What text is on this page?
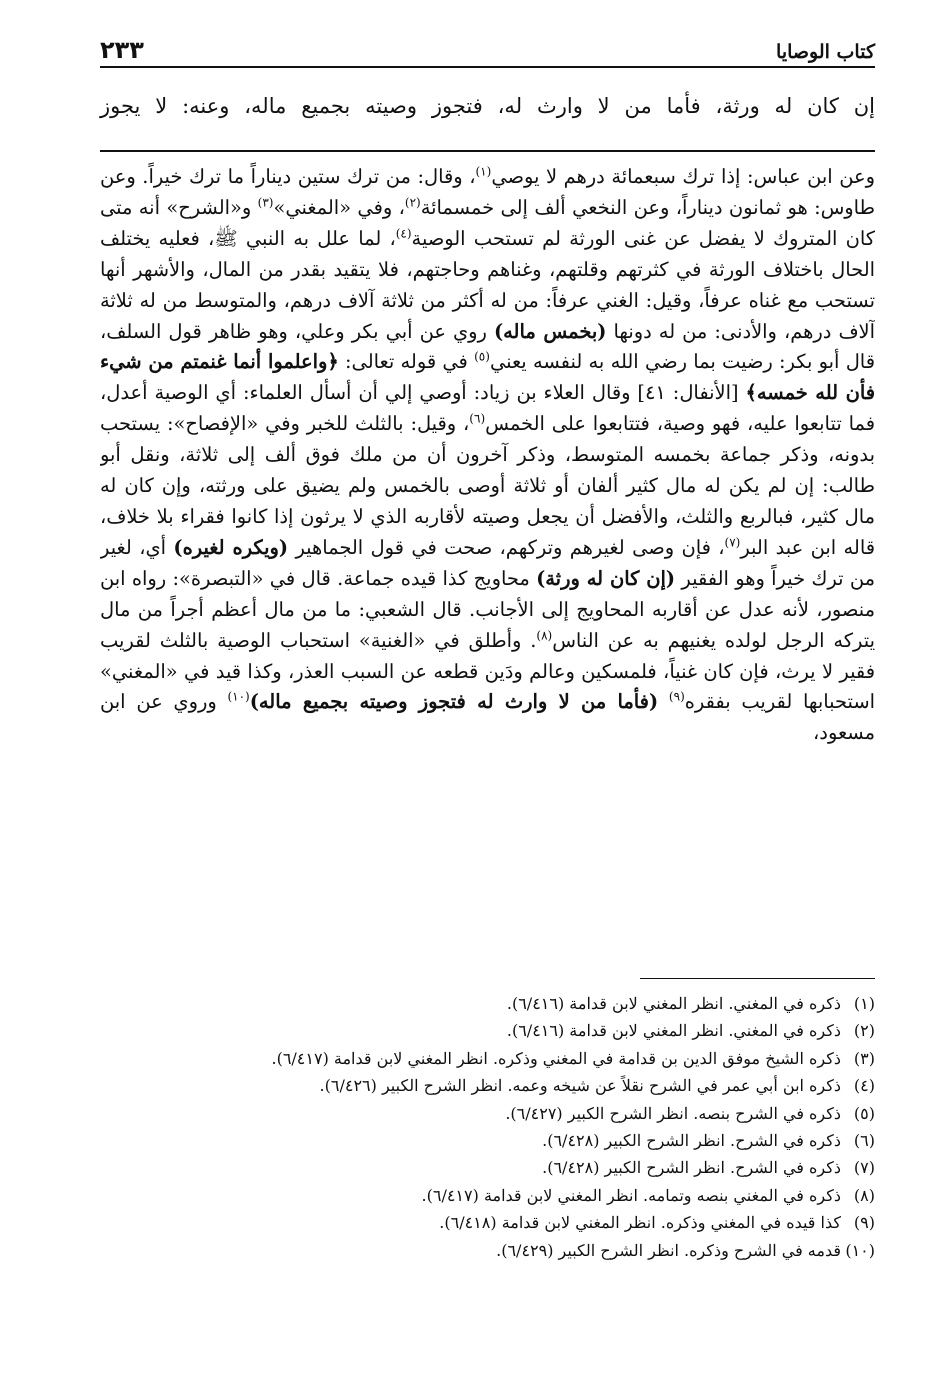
كتاب الوصايا
٢٣٣
إن كان له ورثة، فأما من لا وارث له، فتجوز وصيته بجميع ماله، وعنه: لا يجوز
وعن ابن عباس: إذا ترك سبعمائة درهم لا يوصي$^{(١)}$، وقال: من ترك ستين ديناراً ما ترك خيراً. وعن طاوس: هو ثمانون ديناراً، وعن النخعي ألف إلى خمسمائة$^{(٢)}$، وفي «المغني»$^{(٣)}$ و«الشرح» أنه متى كان المتروك لا يفضل عن غنى الورثة لم تستحب الوصية$^{(٤)}$، لما علل به النبي ﷺ، فعليه يختلف الحال باختلاف الورثة في كثرتهم وقلتهم، وغناهم وحاجتهم، فلا يتقيد بقدر من المال، والأشهر أنها تستحب مع غناه عرفاً، وقيل: الغني عرفاً: من له أكثر من ثلاثة آلاف درهم، والمتوسط من له ثلاثة آلاف درهم، والأدنى: من له دونها (بخمس ماله) روي عن أبي بكر وعلي، وهو ظاهر قول السلف، قال أبو بكر: رضيت بما رضي الله به لنفسه يعني$^{(٥)}$ في قوله تعالى: ﴿واعلموا أنما غنمتم من شيء فأن لله خمسه﴾ [الأنفال: ٤١] وقال العلاء بن زياد: أوصي إلي أن أسأل العلماء: أي الوصية أعدل، فما تتابعوا عليه، فهو وصية، فتتابعوا على الخمس$^{(٦)}$، وقيل: بالثلث للخبر وفي «الإفصاح»: يستحب بدونه، وذكر جماعة بخمسه المتوسط، وذكر آخرون أن من ملك فوق ألف إلى ثلاثة، ونقل أبو طالب: إن لم يكن له مال كثير ألفان أو ثلاثة أوصى بالخمس ولم يضيق على ورثته، وإن كان له مال كثير، فبالربع والثلث، والأفضل أن يجعل وصيته لأقاربه الذي لا يرثون إذا كانوا فقراء بلا خلاف، قاله ابن عبد البر$^{(٧)}$، فإن وصى لغيرهم وتركهم، صحت في قول الجماهير (ويكره لغيره) أي، لغير من ترك خيراً وهو الفقير (إن كان له ورثة) محاويج كذا قيده جماعة. قال في «التبصرة»: رواه ابن منصور، لأنه عدل عن أقاربه المحاويج إلى الأجانب. قال الشعبي: ما من مال أعظم أجراً من مال يتركه الرجل لولده يغنيهم به عن الناس$^{(٨)}$. وأطلق في «الغنية» استحباب الوصية بالثلث لقريب فقير لا يرث، فإن كان غنياً، فلمسكين وعالم ودَين قطعه عن السبب العذر، وكذا قيد في «المغني» استحبابها لقريب بفقره$^{(٩)}$ (فأما من لا وارث له فتجوز وصيته بجميع ماله)$^{(١٠)}$ وروي عن ابن مسعود،
(١)ذكره في المغني. انظر المغني لابن قدامة (٦/٤١٦).
(٢)ذكره في المغني. انظر المغني لابن قدامة (٦/٤١٦).
(٣)ذكره الشيخ موفق الدين بن قدامة في المغني وذكره. انظر المغني لابن قدامة (٦/٤١٧).
(٤)ذكره ابن أبي عمر في الشرح نقلاً عن شيخه وعمه. انظر الشرح الكبير (٦/٤٢٦).
(٥)ذكره في الشرح بنصه. انظر الشرح الكبير (٦/٤٢٧).
(٦)ذكره في الشرح. انظر الشرح الكبير (٦/٤٢٨).
(٧)ذكره في الشرح. انظر الشرح الكبير (٦/٤٢٨).
(٨)ذكره في المغني بنصه وتمامه. انظر المغني لابن قدامة (٦/٤١٧).
(٩)كذا قيده في المغني وذكره. انظر المغني لابن قدامة (٦/٤١٨).
(١٠)قدمه في الشرح وذكره. انظر الشرح الكبير (٦/٤٢٩).
